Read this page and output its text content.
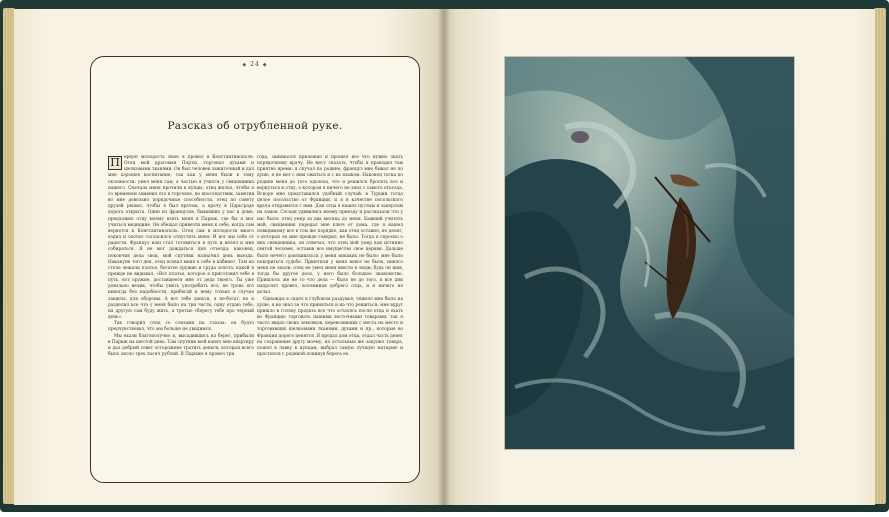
◆ 24 ◆
Разсказ об отрубленной руке.

П ервую молодость свою я провел в Константинополе. Отец мой драгоман Порты, торговал духами и шелковыми тканями. Он был человек зажиточный и дал мне хорошее воспитание, так как у меня были к тому склонности: умел меня сам, а частью я учился у священника нашего. Сначала меня прочили в купцы; отец желал, чтобы я со временем заменил его в торговле, но впоследствии, заметив во мне довольно порядочные способности, отец по совету друзей решил, чтобы я был врачом, а врачу в Царьграде дорога открыта. Один из французов, бывавших у нас в доме, предложил отцу моему взять меня в Париж, где бы я мог учиться медицине. Он обещал привезти меня к себе, когда сам вернется к Константинополь. Отец сам в молодости много ездил и охотно согласился отпустить меня. И вот мы себе от радости. Француз наш стал готовиться в путь и велел и мне собираться. Я не мог дождаться дня отъезда; наконец, покончив дела свои, мой спутник назначил день выезда. Накануне того дня, отец позвал меня к себе в кабинет. Там на столе лежали платье, богатое оружие и груда золота, какой я прежде не видывал. «Вот платье, которое я приготовил тебе в путь, вот оружие, доставшееся мне от деда твоего. Ты уже довольно велик, чтобы уметь употребить его; не тронь его никогда без надобности, прибегай к нему только в случае защиты, для обороны. А вот тебе деньги, я не-богат, но я разделил все что у меня было на три части, одну отдаю тебе, на другую сам буду жить, а третью сберегу тебе про черный день».

Так говорил отец со слезами на глазах: он будто предчувствовал, что мы больше не увидимся.

Мы ехали благополучно и, высадившись на берег, прибыли в Париж на шестой день. Там спутник мой нанял мне квартиру и дал добрый совет осторожнее тратить деньги, которых всего было около трех тысяч рублей. В Париже я провел три

года, занимался прилежно и прошел все что нужно знать порядочному врачу. Не могу сказать, чтобы я проводил там приятно время: я скучал по родине, француз мне бывал не по душе, я не мог с ним сжиться и с их языком. Наконец тоска по родине меня до того одолела, что я решился бросить все и вернуться к отцу, о котором я ничего не знал с самого отъезда. Вскоре мне представился удобный случай: в Турции тогда целое посольство от Франции, и я в качестве посольского врача отправился с ним. Дом отца я нашел пустым и запертым на замок. Соседи удивились моему приезду и рассказали что у нас было: отец умер за два месяца до меня. Бывший учитель мой, священник передал мне ключ от дома, где я нашел повидимому все в том же порядке, как отец оставил; но денег, о которых он мне прежде говорил, не было. Тогда я спросил о них священника; он отвечал, что отец мой умер как истинно святой человек, оставив все имущество свое церкви. Дальше было нечего доискиваться у меня никаких не было: мне было покориться судьбе. Приютили у меня вовсе не было, никого меня не знали, отец не умел меня ввести в люди; будь он жив, тогда бы другое дело, у него было большое знакомство. Пришлось же не то что дела — было не до того, я все дни напролет провел, вспоминая доброго отца, и я ничего не делал.

Однажды я сидел в глубоком раздумье; тяжело мне было на душе, я не знал за что приняться и на что решиться; мне вдруг пришло в голову продать все что осталось после отца и ехать во Францию торговать нашими восточными товарами, так я часто видал своих земляков, перевозивших с места на место и торговавших шелковыми тканями, духами и пр., которые во Франции дорого ценятся. Я продал дом отца, отдал часть денег на сохранение другу моему, на остальные же закупил товара, пошел в лавку к купцам, выбрал самую лучшую материю и простился с родиной покинув берега ее.
